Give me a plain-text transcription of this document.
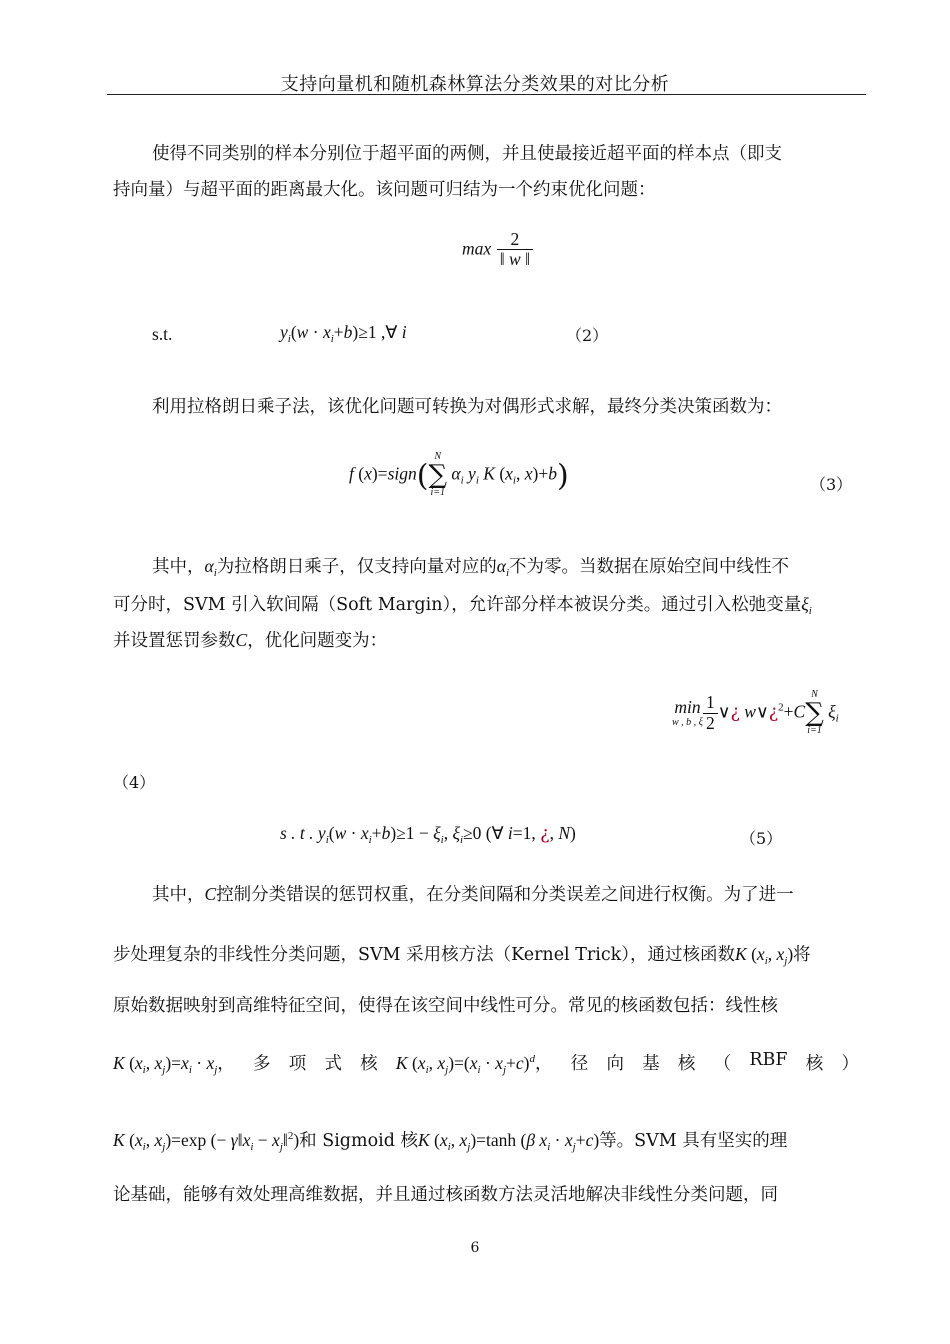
支持向量机和随机森林算法分类效果的对比分析
使得不同类别的样本分别位于超平面的两侧，并且使最接近超平面的样本点（即支
持向量）与超平面的距离最大化。该问题可归结为一个约束优化问题：
$\max \frac{2}{‖ w ‖}$
s.t.	$y_i(w \cdot x_i+b)\ge 1$ ,∀ i	（2）
利用拉格朗日乘子法，该优化问题可转换为对偶形式求解，最终分类决策函数为：
f (x)=sign(
N
∑
i=1
$\alpha_i$ $y_i$ K ($x_i$, x)+b)	（3）
其中，$\alpha_i$为拉格朗日乘子，仅支持向量对应的$\alpha_i$不为零。当数据在原始空间中线性不
可分时，SVM 引入软间隔（Soft Margin），允许部分样本被误分类。通过引入松弛变量$\xi_i$
并设置惩罚参数C，优化问题变为：
min
w , b , ξ $\frac{1}{2}$ ∨¿ w∨¿$^2$+C
N
∑
i=1
$\xi_i$
（4）
s . t . $y_i(w \cdot x_i+b)\ge 1 - \xi_i$, $\xi_i\ge 0$ (∀ i=1, ¿, N)	（5）
其中，C控制分类错误的惩罚权重，在分类间隔和分类误差之间进行权衡。为了进一
步处理复杂的非线性分类问题，SVM 采用核方法（Kernel Trick），通过核函数K ($x_i$, $x_j$)将
原始数据映射到高维特征空间，使得在该空间中线性可分。常见的核函数包括：线性核
K ($x_i$, $x_j)=x_i \cdot x_j$， 多 项 式 核 K ($x_i$, $x_j)=(x_i \cdot x_j+c)^d$， 径 向 基 核 （ RBF 核 ）
K ($x_i$, $x_j)=\exp$ (− $\gamma‖x_i$ − $x_j‖^2$)和 Sigmoid 核K ($x_i$, $x_j)=\tanh$ (β $x_i \cdot x_j+c$)等。SVM 具有坚实的理
论基础，能够有效处理高维数据，并且通过核函数方法灵活地解决非线性分类问题，同
6
